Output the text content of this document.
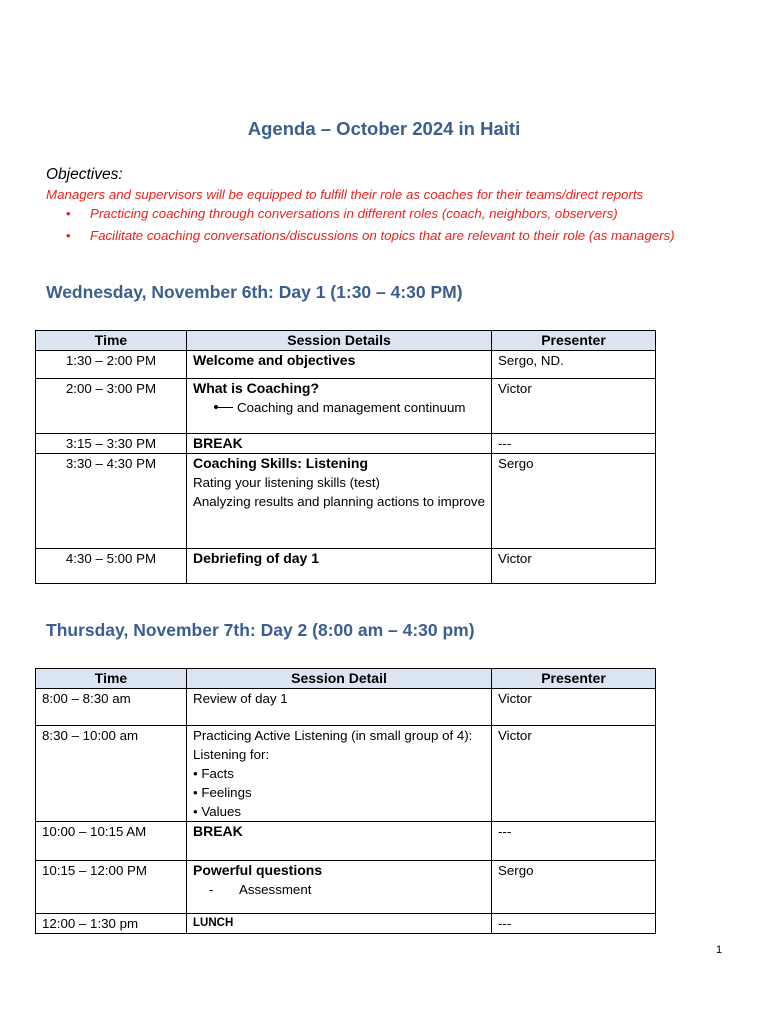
Agenda – October 2024 in Haiti
Objectives:
Managers and supervisors will be equipped to fulfill their role as coaches for their teams/direct reports
• Practicing coaching through conversations in different roles (coach, neighbors, observers)
• Facilitate coaching conversations/discussions on topics that are relevant to their role (as managers)
Wednesday, November 6th: Day 1 (1:30 – 4:30 PM)
Time	Session Details	Presenter
1:30 – 2:00 PM	Welcome and objectives	Sergo, ND.
2:00 – 3:00 PM	What is Coaching?
Coaching and management continuum	Victor
3:15 – 3:30 PM	BREAK	---
3:30 – 4:30 PM	Coaching Skills: Listening
Rating your listening skills (test)
Analyzing results and planning actions to improve	Sergo
4:30 – 5:00 PM	Debriefing of day 1	Victor
Thursday, November 7th: Day 2 (8:00 am – 4:30 pm)
Time	Session Detail	Presenter
8:00 – 8:30 am	Review of day 1	Victor
8:30 – 10:00 am	Practicing Active Listening (in small group of 4):
Listening for:
• Facts
• Feelings
• Values	Victor
10:00 – 10:15 AM	BREAK	---
10:15 – 12:00 PM	Powerful questions
- Assessment	Sergo
12:00 – 1:30 pm	LUNCH	---
1
